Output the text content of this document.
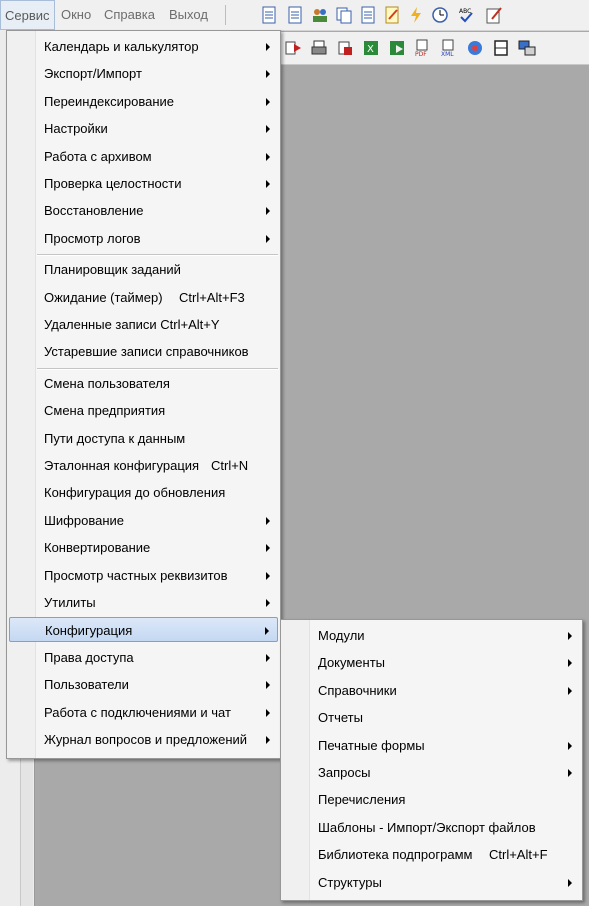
Сервис Окно Справка Выход	ABC
X	PDF XML
Календарь и калькулятор
Экспорт/Импорт
Переиндексирование
Настройки
Работа с архивом
Проверка целостности
Восстановление
Просмотр логов
Планировщик заданий
Ожидание (таймер) Ctrl+Alt+F3
Удаленные записи Ctrl+Alt+Y
Устаревшие записи справочников
Смена пользователя
Смена предприятия
Пути доступа к данным
Эталонная конфигурация Ctrl+N
Конфигурация до обновления
Шифрование
Конвертирование
Просмотр частных реквизитов
Утилиты
Конфигурация
Права доступа
Пользователи
Работа с подключениями и чат
Журнал вопросов и предложений
Модули
Документы
Справочники
Отчеты
Печатные формы
Запросы
Перечисления
Шаблоны - Импорт/Экспорт файлов
Библиотека подпрограмм Ctrl+Alt+F
Структуры
